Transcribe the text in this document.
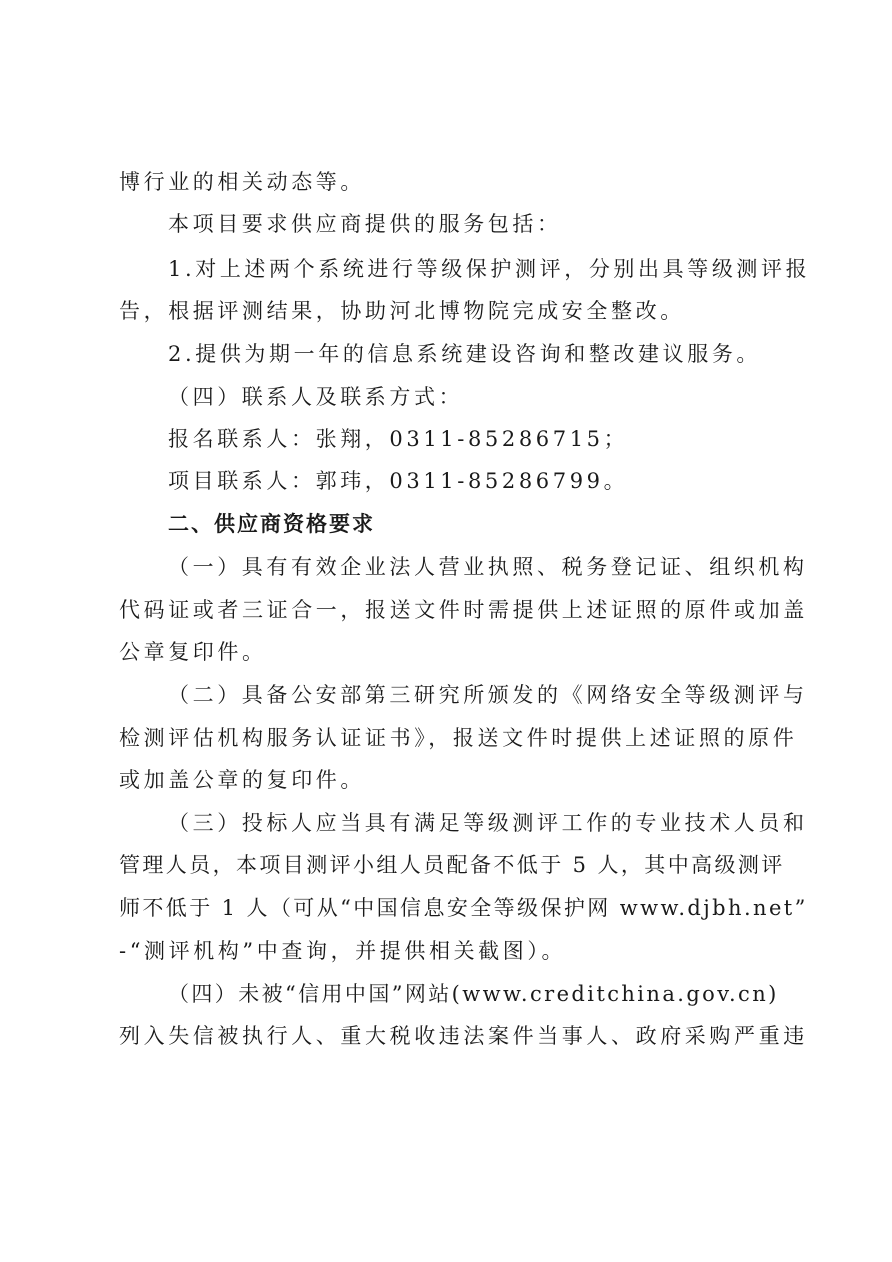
博行业的相关动态等。
本项目要求供应商提供的服务包括：
1.对上述两个系统进行等级保护测评，分别出具等级测评报
告，根据评测结果，协助河北博物院完成安全整改。
2.提供为期一年的信息系统建设咨询和整改建议服务。
（四）联系人及联系方式：
报名联系人：张翔，0311-85286715；
项目联系人：郭玮，0311-85286799。
二、供应商资格要求
（一）具有有效企业法人营业执照、税务登记证、组织机构
代码证或者三证合一，报送文件时需提供上述证照的原件或加盖
公章复印件。
（二）具备公安部第三研究所颁发的《网络安全等级测评与
检测评估机构服务认证证书》，报送文件时提供上述证照的原件
或加盖公章的复印件。
（三）投标人应当具有满足等级测评工作的专业技术人员和
管理人员，本项目测评小组人员配备不低于 5 人，其中高级测评
师不低于 1 人（可从“中国信息安全等级保护网 www.djbh.net”
-“测评机构”中查询，并提供相关截图）。
（四）未被“信用中国”网站(www.creditchina.gov.cn)
列入失信被执行人、重大税收违法案件当事人、政府采购严重违
